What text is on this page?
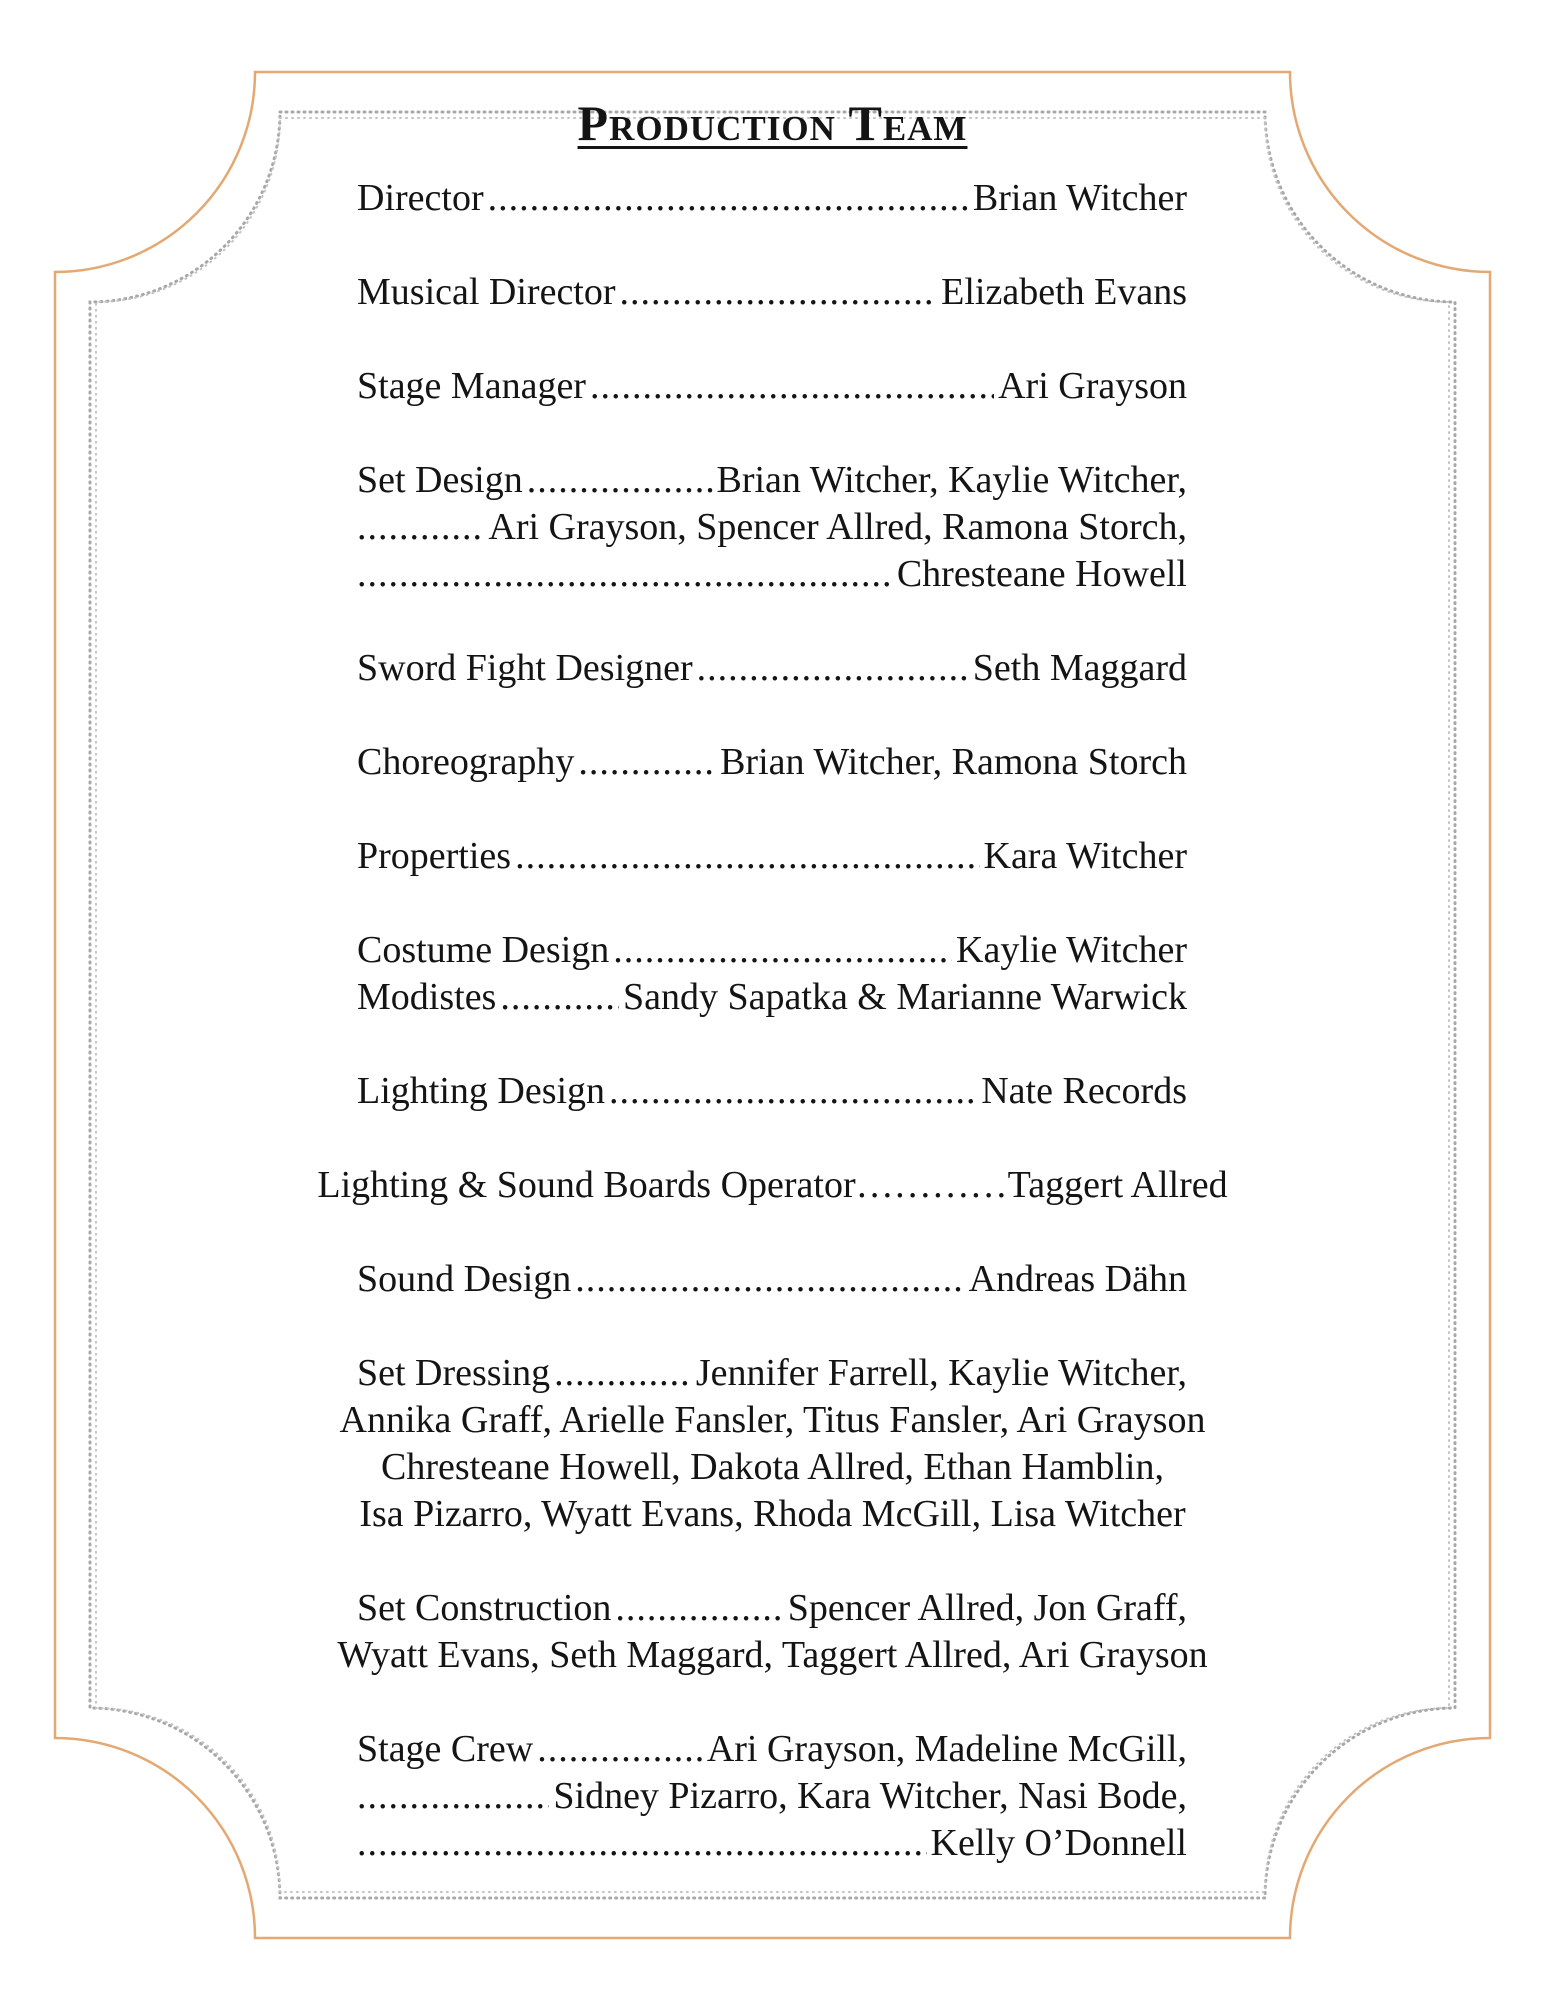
Production Team
Director .....	Brian Witcher
Musical Director .....	Elizabeth Evans
Stage Manager .....	Ari Grayson
Set Design .....	Brian Witcher, Kaylie Witcher,
.....
Ari Grayson, Spencer Allred, Ramona Storch,
.....
Chresteane Howell
Sword Fight Designer .....	Seth Maggard
Choreography .....	Brian Witcher, Ramona Storch
Properties .....	Kara Witcher
Costume Design .....	Kaylie Witcher
Modistes .....	Sandy Sapatka & Marianne Warwick
Lighting Design .....	Nate Records
Lighting & Sound Boards Operator…………Taggert Allred
Sound Design .....	Andreas Dähn
Set Dressing .....	Jennifer Farrell, Kaylie Witcher,
Annika Graff, Arielle Fansler, Titus Fansler, Ari Grayson
Chresteane Howell, Dakota Allred, Ethan Hamblin,
Isa Pizarro, Wyatt Evans, Rhoda McGill, Lisa Witcher
Set Construction .....	Spencer Allred, Jon Graff,
Wyatt Evans, Seth Maggard, Taggert Allred, Ari Grayson
Stage Crew .....	Ari Grayson, Madeline McGill,
.....
Sidney Pizarro, Kara Witcher, Nasi Bode,
.....
Kelly O’Donnell
